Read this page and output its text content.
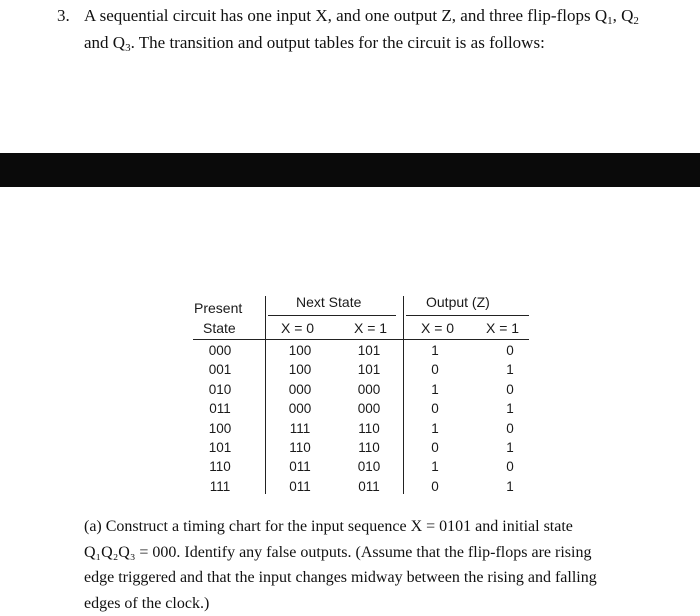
3. A sequential circuit has one input X, and one output Z, and three flip-flops $Q_1$, $Q_2$
and $Q_3$. The transition and output tables for the circuit is as follows:
Present
State
Next State	Output (Z)
X = 0	X = 1 X = 0 X = 1
000
001
010
011
100
101
110
111
100
100
000
000
111
110
011
011
101
101
000
000
110
110
010
011
1
0
1
0
1
0
1
0
0
1
0
1
0
1
0
1

(a) Construct a timing chart for the input sequence X = 0101 and initial state

Q₁Q₂Q₃ = 000. Identify any false outputs. (Assume that the flip-flops are rising

edge triggered and that the input changes midway between the rising and falling

edges of the clock.)
